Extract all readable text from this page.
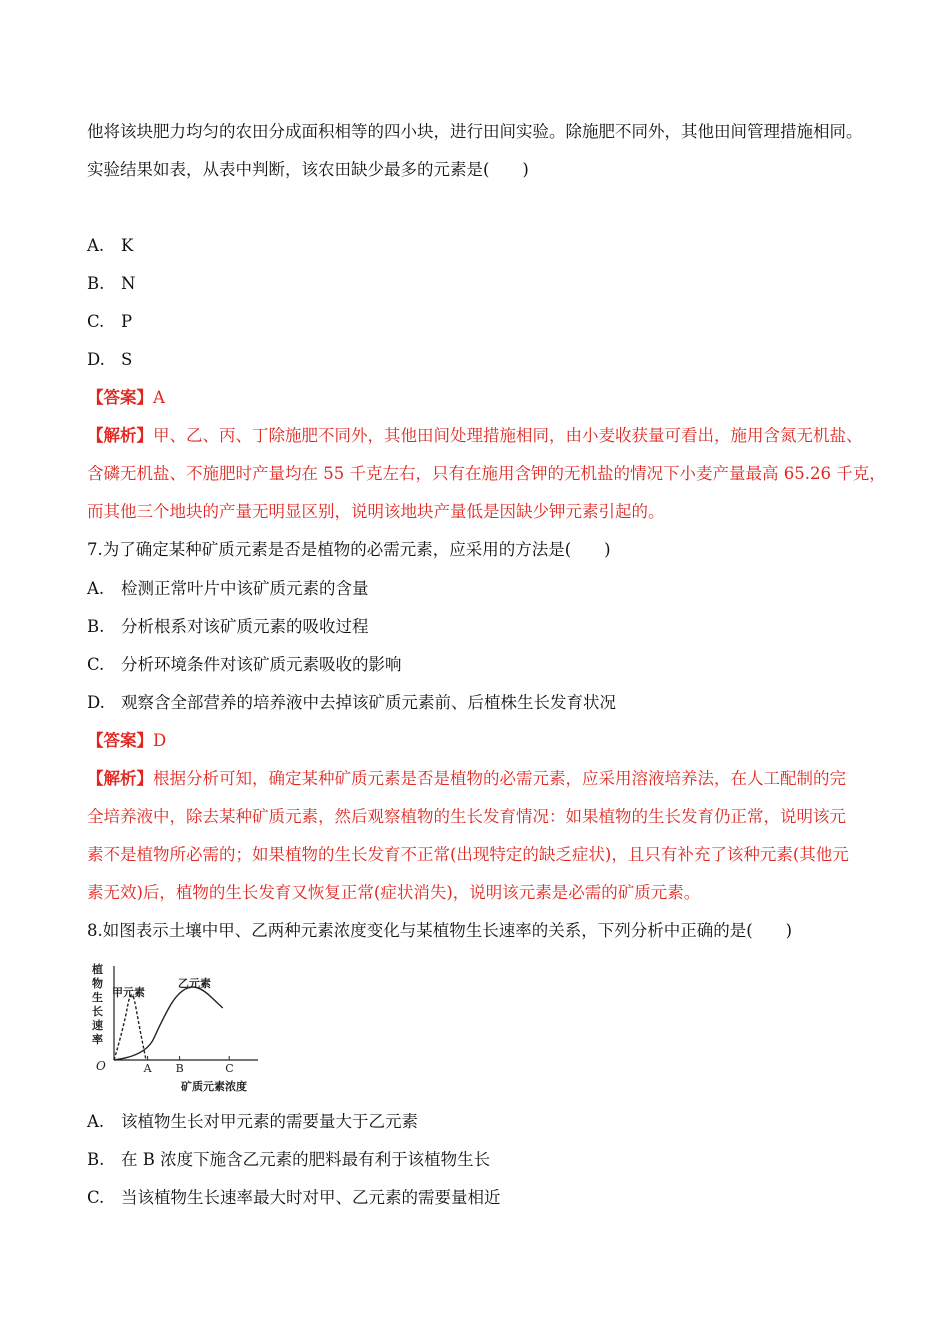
他将该块肥力均匀的农田分成面积相等的四小块，进行田间实验。除施肥不同外，其他田间管理措施相同。
实验结果如表，从表中判断，该农田缺少最多的元素是(　　)
A. K
B. N
C. P
D. S
【答案】A
【解析】甲、乙、丙、丁除施肥不同外，其他田间处理措施相同，由小麦收获量可看出，施用含氮无机盐、
含磷无机盐、不施肥时产量均在 55 千克左右，只有在施用含钾的无机盐的情况下小麦产量最高 65.26 千克，
而其他三个地块的产量无明显区别，说明该地块产量低是因缺少钾元素引起的。
7.为了确定某种矿质元素是否是植物的必需元素，应采用的方法是(　　)
A. 检测正常叶片中该矿质元素的含量
B. 分析根系对该矿质元素的吸收过程
C. 分析环境条件对该矿质元素吸收的影响
D. 观察含全部营养的培养液中去掉该矿质元素前、后植株生长发育状况
【答案】D
【解析】根据分析可知，确定某种矿质元素是否是植物的必需元素，应采用溶液培养法，在人工配制的完
全培养液中，除去某种矿质元素，然后观察植物的生长发育情况：如果植物的生长发育仍正常，说明该元
素不是植物所必需的；如果植物的生长发育不正常(出现特定的缺乏症状)，且只有补充了该种元素(其他元
素无效)后，植物的生长发育又恢复正常(症状消失)，说明该元素是必需的矿质元素。
8.如图表示土壤中甲、乙两种元素浓度变化与某植物生长速率的关系，下列分析中正确的是(　　)
植
物
生
长
速
率
O	A B	C
甲元素
乙元素
矿质元素浓度
A. 该植物生长对甲元素的需要量大于乙元素
B. 在 B 浓度下施含乙元素的肥料最有利于该植物生长
C. 当该植物生长速率最大时对甲、乙元素的需要量相近
